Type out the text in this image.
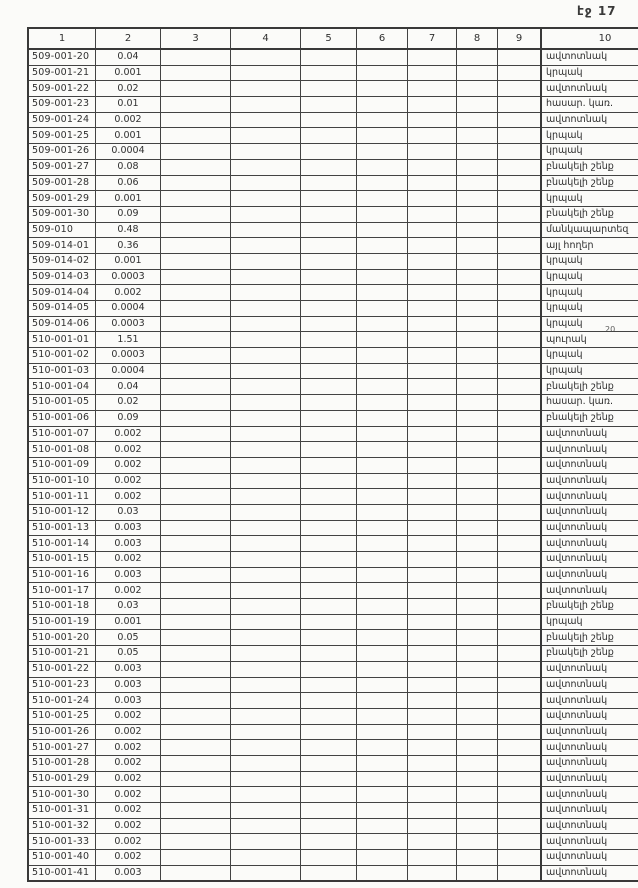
էջ 17
20
1	2	3	4	5	6	7	8	9	10
509-001-20	0.04								ավտոտնակ
509-001-21	0.001								կրպակ
509-001-22	0.02								ավտոտնակ
509-001-23	0.01								հասար. կառ.
509-001-24	0.002								ավտոտնակ
509-001-25	0.001								կրպակ
509-001-26	0.0004								կրպակ
509-001-27	0.08								բնակելի շենք
509-001-28	0.06								բնակելի շենք
509-001-29	0.001								կրպակ
509-001-30	0.09								բնակելի շենք
509-010	0.48								մանկապարտեզ
509-014-01	0.36								այլ հողեր
509-014-02	0.001								կրպակ
509-014-03	0.0003								կրպակ
509-014-04	0.002								կրպակ
509-014-05	0.0004								կրպակ
509-014-06	0.0003								կրպակ
510-001-01	1.51								պուրակ
510-001-02	0.0003								կրպակ
510-001-03	0.0004								կրպակ
510-001-04	0.04								բնակելի շենք
510-001-05	0.02								հասար. կառ.
510-001-06	0.09								բնակելի շենք
510-001-07	0.002								ավտոտնակ
510-001-08	0.002								ավտոտնակ
510-001-09	0.002								ավտոտնակ
510-001-10	0.002								ավտոտնակ
510-001-11	0.002								ավտոտնակ
510-001-12	0.03								ավտոտնակ
510-001-13	0.003								ավտոտնակ
510-001-14	0.003								ավտոտնակ
510-001-15	0.002								ավտոտնակ
510-001-16	0.003								ավտոտնակ
510-001-17	0.002								ավտոտնակ
510-001-18	0.03								բնակելի շենք
510-001-19	0.001								կրպակ
510-001-20	0.05								բնակելի շենք
510-001-21	0.05								բնակելի շենք
510-001-22	0.003								ավտոտնակ
510-001-23	0.003								ավտոտնակ
510-001-24	0.003								ավտոտնակ
510-001-25	0.002								ավտոտնակ
510-001-26	0.002								ավտոտնակ
510-001-27	0.002								ավտոտնակ
510-001-28	0.002								ավտոտնակ
510-001-29	0.002								ավտոտնակ
510-001-30	0.002								ավտոտնակ
510-001-31	0.002								ավտոտնակ
510-001-32	0.002								ավտոտնակ
510-001-33	0.002								ավտոտնակ
510-001-40	0.002								ավտոտնակ
510-001-41	0.003								ավտոտնակ
